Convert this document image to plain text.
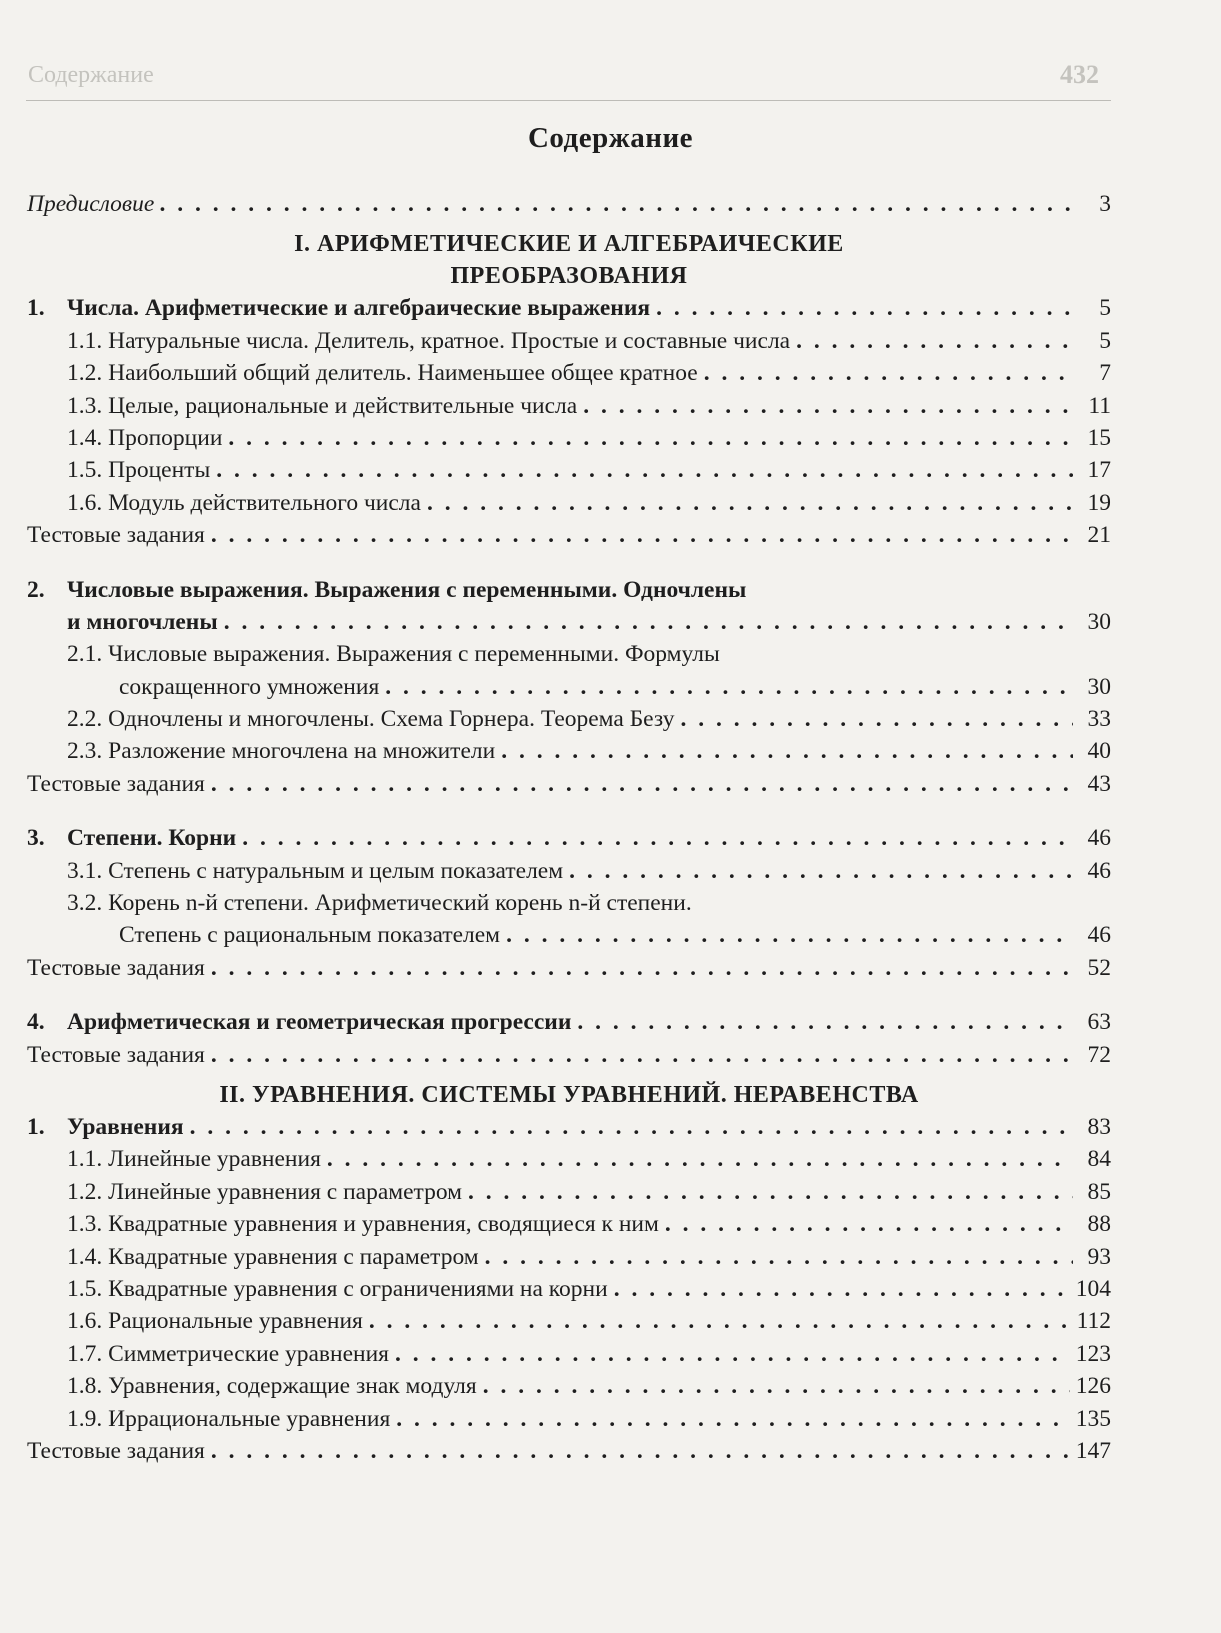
Содержание	432
Содержание
Предисловие . . .	3
I. АРИФМЕТИЧЕСКИЕ И АЛГЕБРАИЧЕСКИЕ
ПРЕОБРАЗОВАНИЯ
1. Числа. Арифметические и алгебраические выражения . . .	5
1.1. Натуральные числа. Делитель, кратное. Простые и составные числа . . .	5
1.2. Наибольший общий делитель. Наименьшее общее кратное . . .	7
1.3. Целые, рациональные и действительные числа . . .	11
1.4. Пропорции . . .	15
1.5. Проценты . . .	17
1.6. Модуль действительного числа . . .	19
Тестовые задания . . .	21
2. Числовые выражения. Выражения с переменными. Одночлены
и многочлены . . .	30
2.1. Числовые выражения. Выражения с переменными. Формулы
сокращенного умножения . . .	30
2.2. Одночлены и многочлены. Схема Горнера. Теорема Безу . . .	33
2.3. Разложение многочлена на множители . . .	40
Тестовые задания . . .	43
3. Степени. Корни . . .	46
3.1. Степень с натуральным и целым показателем . . .	46
3.2. Корень n-й степени. Арифметический корень n-й степени.
Степень с рациональным показателем . . .	46
Тестовые задания . . .	52
4. Арифметическая и геометрическая прогрессии . . .	63
Тестовые задания . . .	72
II. УРАВНЕНИЯ. СИСТЕМЫ УРАВНЕНИЙ. НЕРАВЕНСТВА
1. Уравнения . . .	83
1.1. Линейные уравнения . . .	84
1.2. Линейные уравнения с параметром . . .	85
1.3. Квадратные уравнения и уравнения, сводящиеся к ним . . .	88
1.4. Квадратные уравнения с параметром . . .	93
1.5. Квадратные уравнения с ограничениями на корни . . .	104
1.6. Рациональные уравнения . . .	112
1.7. Симметрические уравнения . . .	123
1.8. Уравнения, содержащие знак модуля . . .	126
1.9. Иррациональные уравнения . . .	135
Тестовые задания . . .	147
